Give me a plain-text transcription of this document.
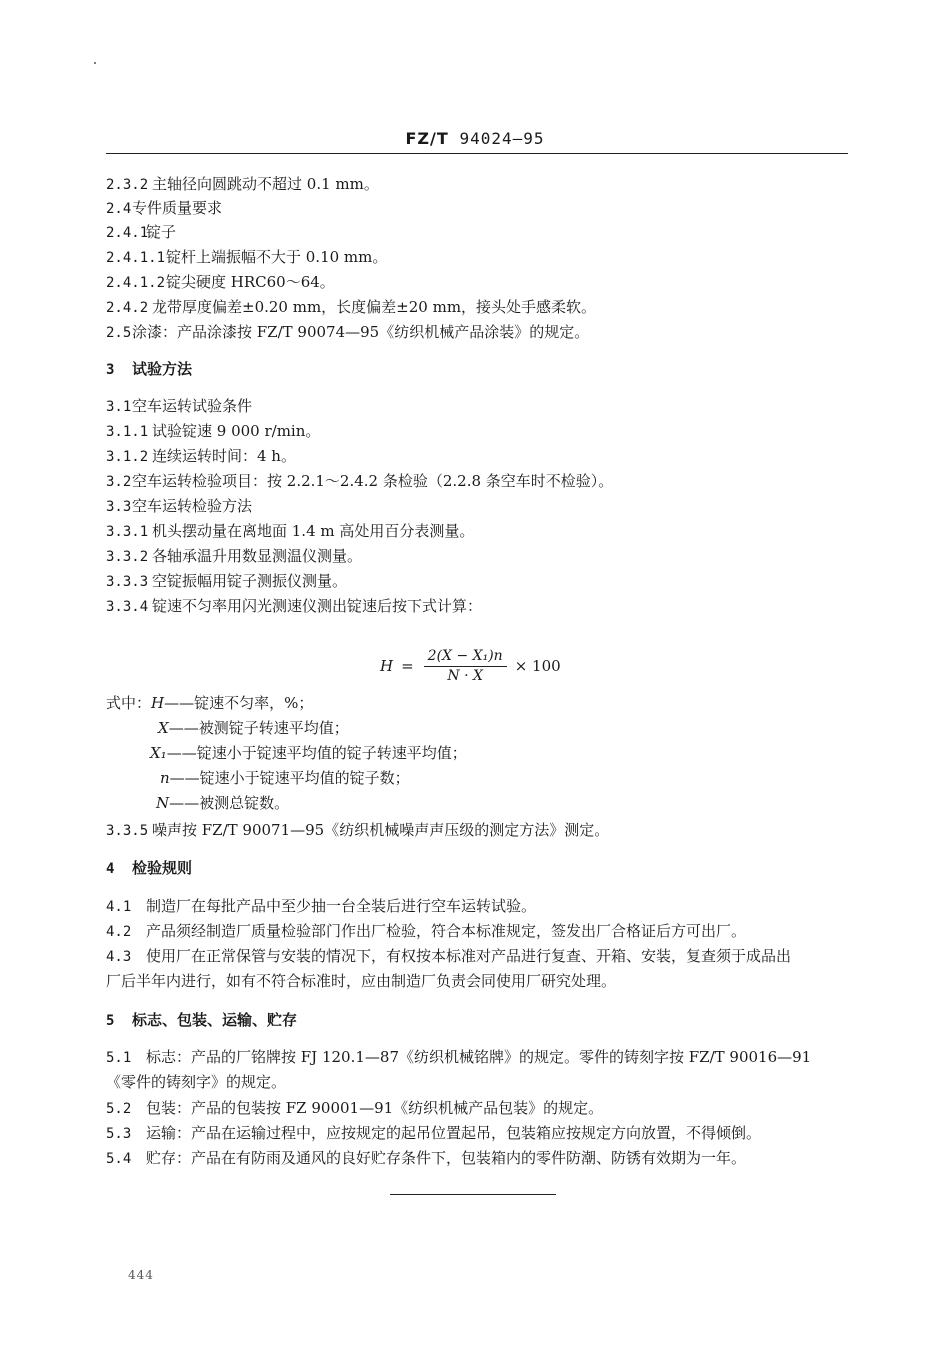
FZ/T 94024—95
2.3.2 主轴径向圆跳动不超过 0.1 mm。
2.4专件质量要求
2.4.1锭子
2.4.1.1锭杆上端振幅不大于 0.10 mm。
2.4.1.2锭尖硬度 HRC60～64。
2.4.2 龙带厚度偏差±0.20 mm，长度偏差±20 mm，接头处手感柔软。
2.5涂漆：产品涂漆按 FZ/T 90074—95《纺织机械产品涂装》的规定。
3 试验方法
3.1空车运转试验条件
3.1.1 试验锭速 9 000 r/min。
3.1.2 连续运转时间：4 h。
3.2空车运转检验项目：按 2.2.1～2.4.2 条检验（2.2.8 条空车时不检验）。
3.3空车运转检验方法
3.3.1 机头摆动量在离地面 1.4 m 高处用百分表测量。
3.3.2 各轴承温升用数显测温仪测量。
3.3.3 空锭振幅用锭子测振仪测量。
3.3.4 锭速不匀率用闪光测速仪测出锭速后按下式计算：
$H = \frac{\text{2(X − X₁)n}}{N \cdot X} \times 100$
式中：H——锭速不匀率，%；
X——被测锭子转速平均值；
X₁——锭速小于锭速平均值的锭子转速平均值；
n——锭速小于锭速平均值的锭子数；
N——被测总锭数。
3.3.5 噪声按 FZ/T 90071—95《纺织机械噪声声压级的测定方法》测定。
4 检验规则
4.1 制造厂在每批产品中至少抽一台全装后进行空车运转试验。
4.2 产品须经制造厂质量检验部门作出厂检验，符合本标准规定，签发出厂合格证后方可出厂。
4.3 使用厂在正常保管与安装的情况下，有权按本标准对产品进行复查、开箱、安装，复查须于成品出
厂后半年内进行，如有不符合标准时，应由制造厂负责会同使用厂研究处理。
5 标志、包装、运输、贮存
5.1 标志：产品的厂铭牌按 FJ 120.1—87《纺织机械铭牌》的规定。零件的铸刻字按 FZ/T 90016—91
《零件的铸刻字》的规定。
5.2 包装：产品的包装按 FZ 90001—91《纺织机械产品包装》的规定。
5.3 运输：产品在运输过程中，应按规定的起吊位置起吊，包装箱应按规定方向放置，不得倾倒。
5.4 贮存：产品在有防雨及通风的良好贮存条件下，包装箱内的零件防潮、防锈有效期为一年。
444
